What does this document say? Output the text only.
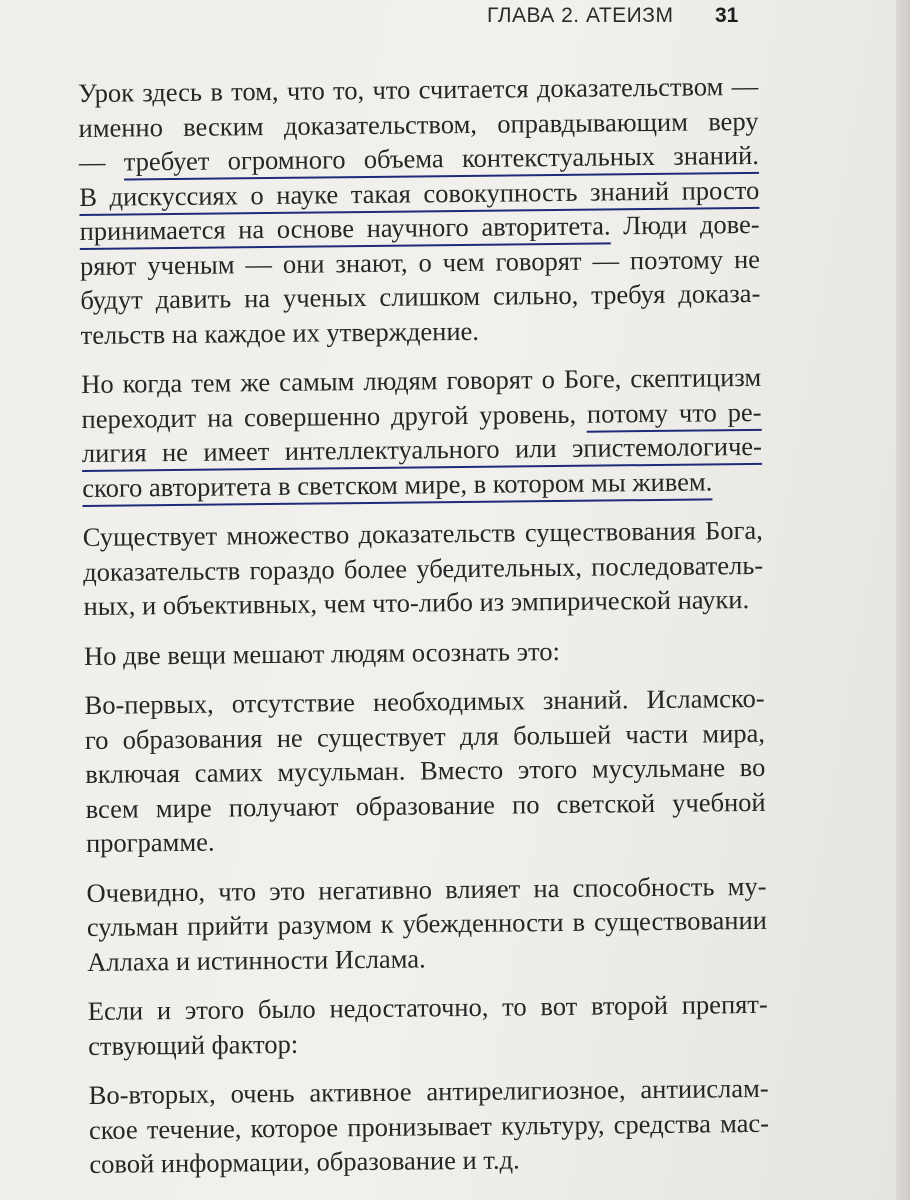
ГЛАВА 2. АТЕИЗМ 31
Урок здесь в том, что то, что считается доказательством —
именно веским доказательством, оправдывающим веру
— требует огромного объема контекстуальных знаний.
В дискуссиях о науке такая совокупность знаний просто
принимается на основе научного авторитета. Люди дове-
ряют ученым — они знают, о чем говорят — поэтому не
будут давить на ученых слишком сильно, требуя доказа-
тельств на каждое их утверждение.
Но когда тем же самым людям говорят о Боге, скептицизм
переходит на совершенно другой уровень, потому что ре-
лигия не имеет интеллектуального или эпистемологиче-
ского авторитета в светском мире, в котором мы живем.
Существует множество доказательств существования Бога,
доказательств гораздо более убедительных, последователь-
ных, и объективных, чем что-либо из эмпирической науки.
Но две вещи мешают людям осознать это:
Во-первых, отсутствие необходимых знаний. Исламско-
го образования не существует для большей части мира,
включая самих мусульман. Вместо этого мусульмане во
всем мире получают образование по светской учебной
программе.
Очевидно, что это негативно влияет на способность му-
сульман прийти разумом к убежденности в существовании
Аллаха и истинности Ислама.
Если и этого было недостаточно, то вот второй препят-
ствующий фактор:
Во-вторых, очень активное антирелигиозное, антиислам-
ское течение, которое пронизывает культуру, средства мас-
совой информации, образование и т.д.
